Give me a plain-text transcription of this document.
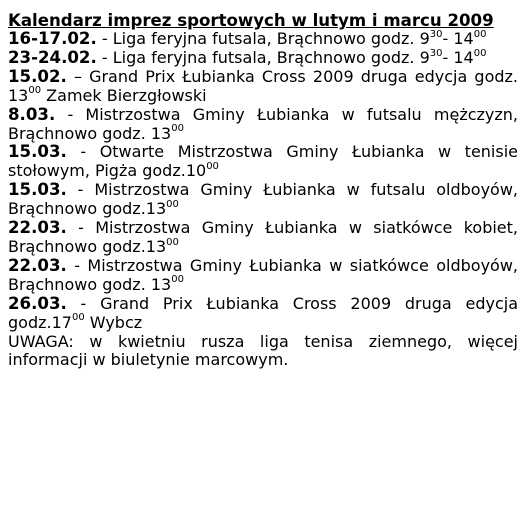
Kalendarz imprez sportowych w lutym i marcu 2009

16-17.02. - Liga feryjna futsala, Brąchnowo godz. $9^{30}-$ $14^{00}$

23-24.02. - Liga feryjna futsala, Brąchnowo godz. $9^{30}-$ $14^{00}$

15.02. – Grand Prix Łubianka Cross 2009 druga edycja godz. $13^{00}$ Zamek Bierzgłowski

8.03. - Mistrzostwa Gminy Łubianka w futsalu mężczyzn, Brąchnowo godz. $13^{00}$

15.03. - Otwarte Mistrzostwa Gminy Łubianka w tenisie stołowym, Pigża $godz.10^{00}$

15.03. - Mistrzostwa Gminy Łubianka w futsalu oldboyów, Brąchnowo $godz.13^{00}$

22.03. - Mistrzostwa Gminy Łubianka w siatkówce kobiet, Brąchnowo $godz.13^{00}$

22.03. - Mistrzostwa Gminy Łubianka w siatkówce oldboyów, Brąchnowo godz. $13^{00}$

26.03. - Grand Prix Łubianka Cross 2009 druga edycja $godz.17^{00}$ Wybcz

UWAGA: w kwietniu rusza liga tenisa ziemnego, więcej informacji w biuletynie marcowym.
